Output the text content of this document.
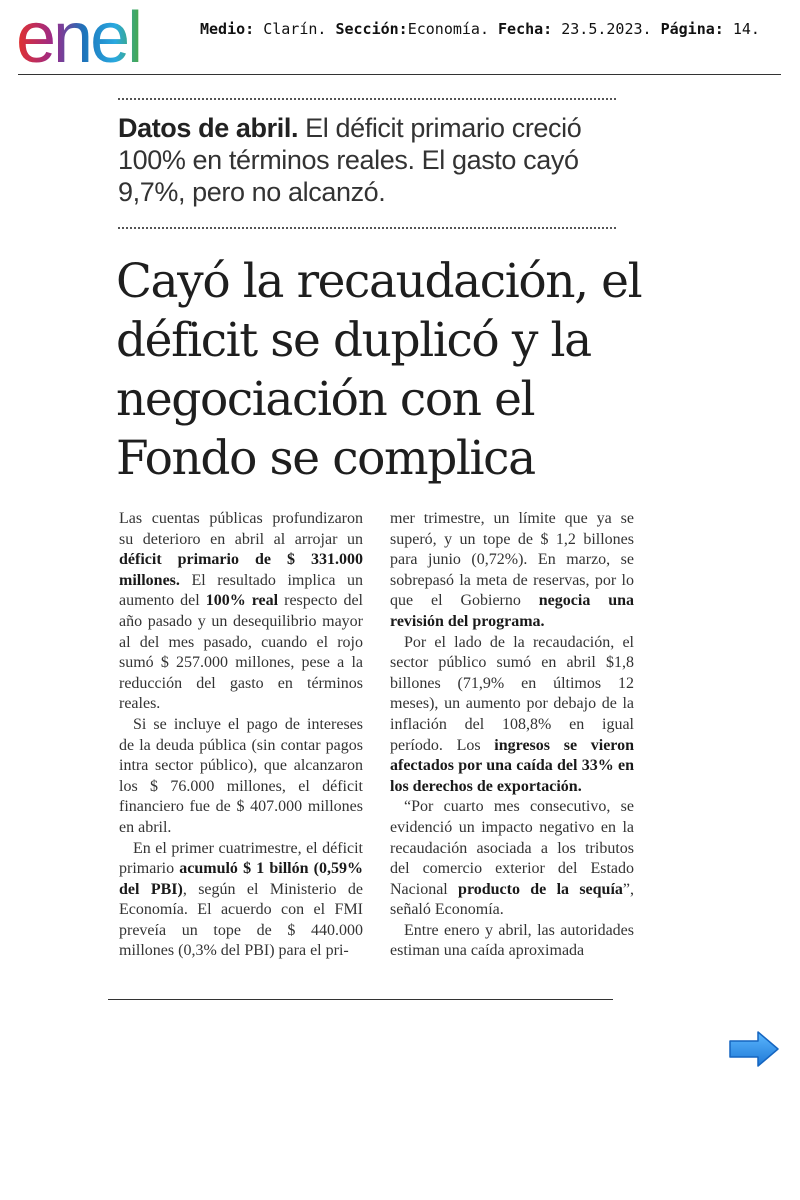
enel	Medio: Clarín. Sección:Economía. Fecha: 23.5.2023. Página: 14.
Datos de abril. El déficit primario creció 100% en términos reales. El gasto cayó 9,7%, pero no alcanzó.
Cayó la recaudación, el déficit se duplicó y la negociación con el Fondo se complica

Las cuentas públicas profundizaron su deterioro en abril al arrojar un déficit primario de $ 331.000 millones. El resultado implica un aumento del 100% real respecto del año pasado y un desequilibrio mayor al del mes pasado, cuando el rojo sumó $ 257.000 millones, pese a la reducción del gasto en términos reales.

Si se incluye el pago de intereses de la deuda pública (sin contar pagos intra sector público), que alcanzaron los $ 76.000 millones, el déficit financiero fue de $ 407.000 millones en abril.

En el primer cuatrimestre, el déficit primario acumuló $ 1 billón (0,59% del PBI), según el Ministerio de Economía. El acuerdo con el FMI preveía un tope de $ 440.000 millones (0,3% del PBI) para el pri-

mer trimestre, un límite que ya se superó, y un tope de $ 1,2 billones para junio (0,72%). En marzo, se sobrepasó la meta de reservas, por lo que el Gobierno negocia una revisión del programa.

Por el lado de la recaudación, el sector público sumó en abril $1,8 billones (71,9% en últimos 12 meses), un aumento por debajo de la inflación del 108,8% en igual período. Los ingresos se vieron afectados por una caída del 33% en los derechos de exportación.

“Por cuarto mes consecutivo, se evidenció un impacto negativo en la recaudación asociada a los tributos del comercio exterior del Estado Nacional producto de la sequía”, señaló Economía.

Entre enero y abril, las autoridades estiman una caída aproximada
